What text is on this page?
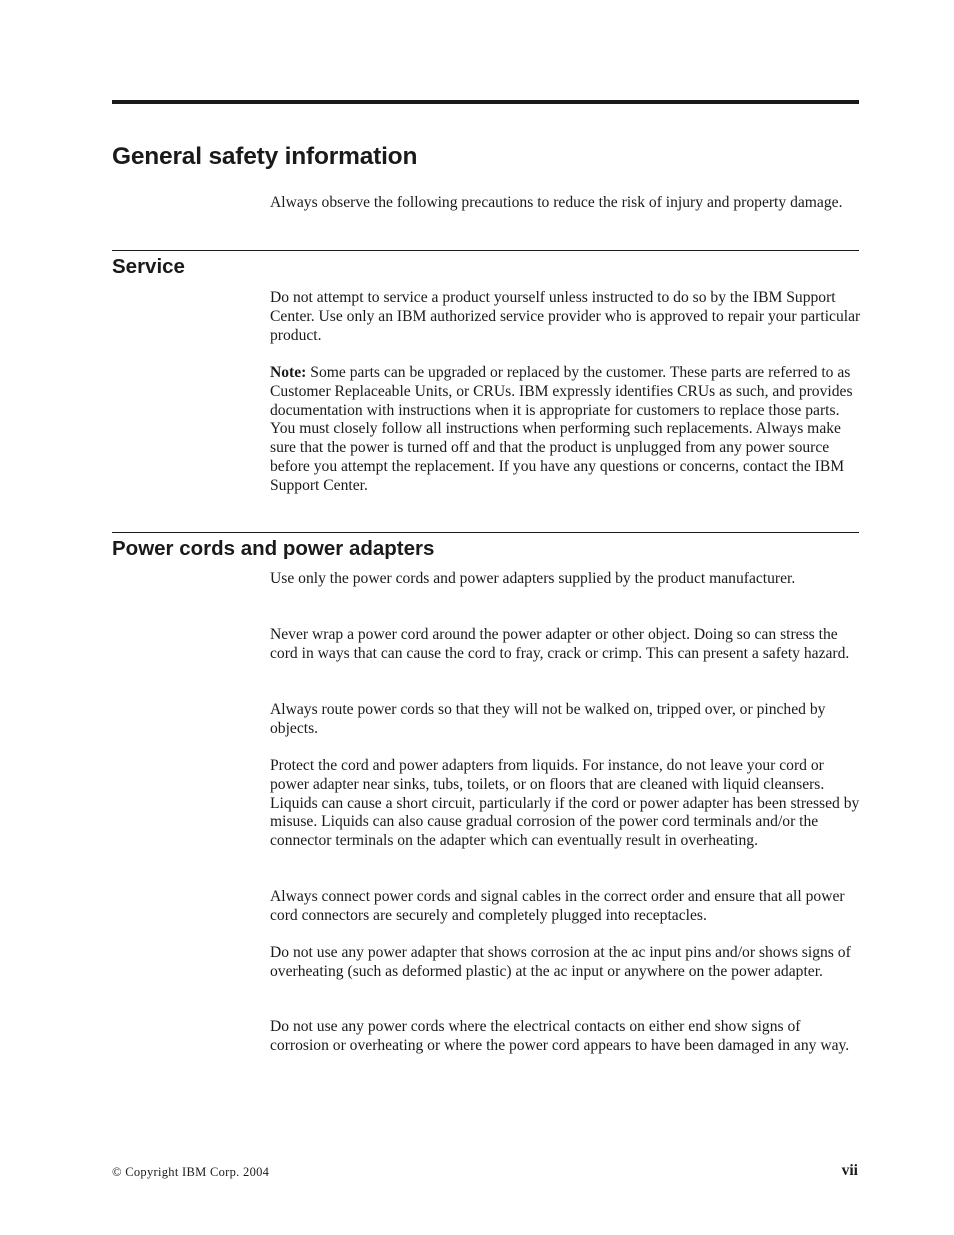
General safety information

Always observe the following precautions to reduce the risk of injury and property damage.

Service

Do not attempt to service a product yourself unless instructed to do so by the IBM Support Center. Use only an IBM authorized service provider who is approved to repair your particular product.

Note: Some parts can be upgraded or replaced by the customer. These parts are referred to as Customer Replaceable Units, or CRUs. IBM expressly identifies CRUs as such, and provides documentation with instructions when it is appropriate for customers to replace those parts. You must closely follow all instructions when performing such replacements. Always make sure that the power is turned off and that the product is unplugged from any power source before you attempt the replacement. If you have any questions or concerns, contact the IBM Support Center.

Power cords and power adapters

Use only the power cords and power adapters supplied by the product manufacturer.

Never wrap a power cord around the power adapter or other object. Doing so can stress the cord in ways that can cause the cord to fray, crack or crimp. This can present a safety hazard.

Always route power cords so that they will not be walked on, tripped over, or pinched by objects.

Protect the cord and power adapters from liquids. For instance, do not leave your cord or power adapter near sinks, tubs, toilets, or on floors that are cleaned with liquid cleansers. Liquids can cause a short circuit, particularly if the cord or power adapter has been stressed by misuse. Liquids can also cause gradual corrosion of the power cord terminals and/or the connector terminals on the adapter which can eventually result in overheating.

Always connect power cords and signal cables in the correct order and ensure that all power cord connectors are securely and completely plugged into receptacles.

Do not use any power adapter that shows corrosion at the ac input pins and/or shows signs of overheating (such as deformed plastic) at the ac input or anywhere on the power adapter.

Do not use any power cords where the electrical contacts on either end show signs of corrosion or overheating or where the power cord appears to have been damaged in any way.

© Copyright IBM Corp. 2004	vii
